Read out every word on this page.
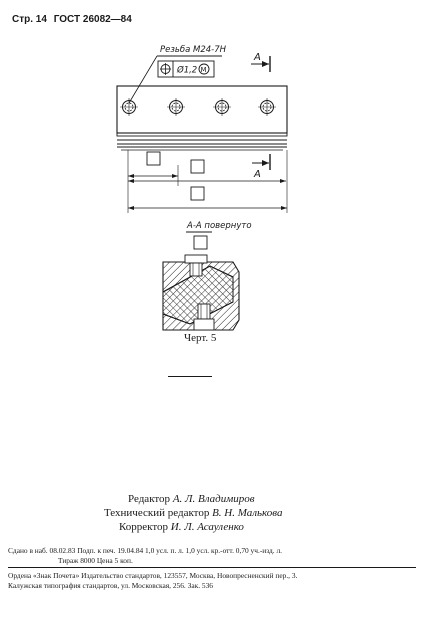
Стр. 14 ГОСТ 26082—84
Резьба М24-7Н
Ø1,2 М
А
А
А-А повернуто
Черт. 5
Редактор А. Л. Владимиров
Технический редактор В. Н. Малькова
Корректор И. Л. Асауленко
Сдано в наб. 08.02.83 Подп. к печ. 19.04.84 1,0 усл. п. л. 1,0 усл. кр.-отт. 0,70 уч.-изд. л.
Тираж 8000 Цена 5 коп.
Ордена «Знак Почета» Издательство стандартов, 123557, Москва, Новопресненский пер., 3.
Калужская типография стандартов, ул. Московская, 256. Зак. 536
